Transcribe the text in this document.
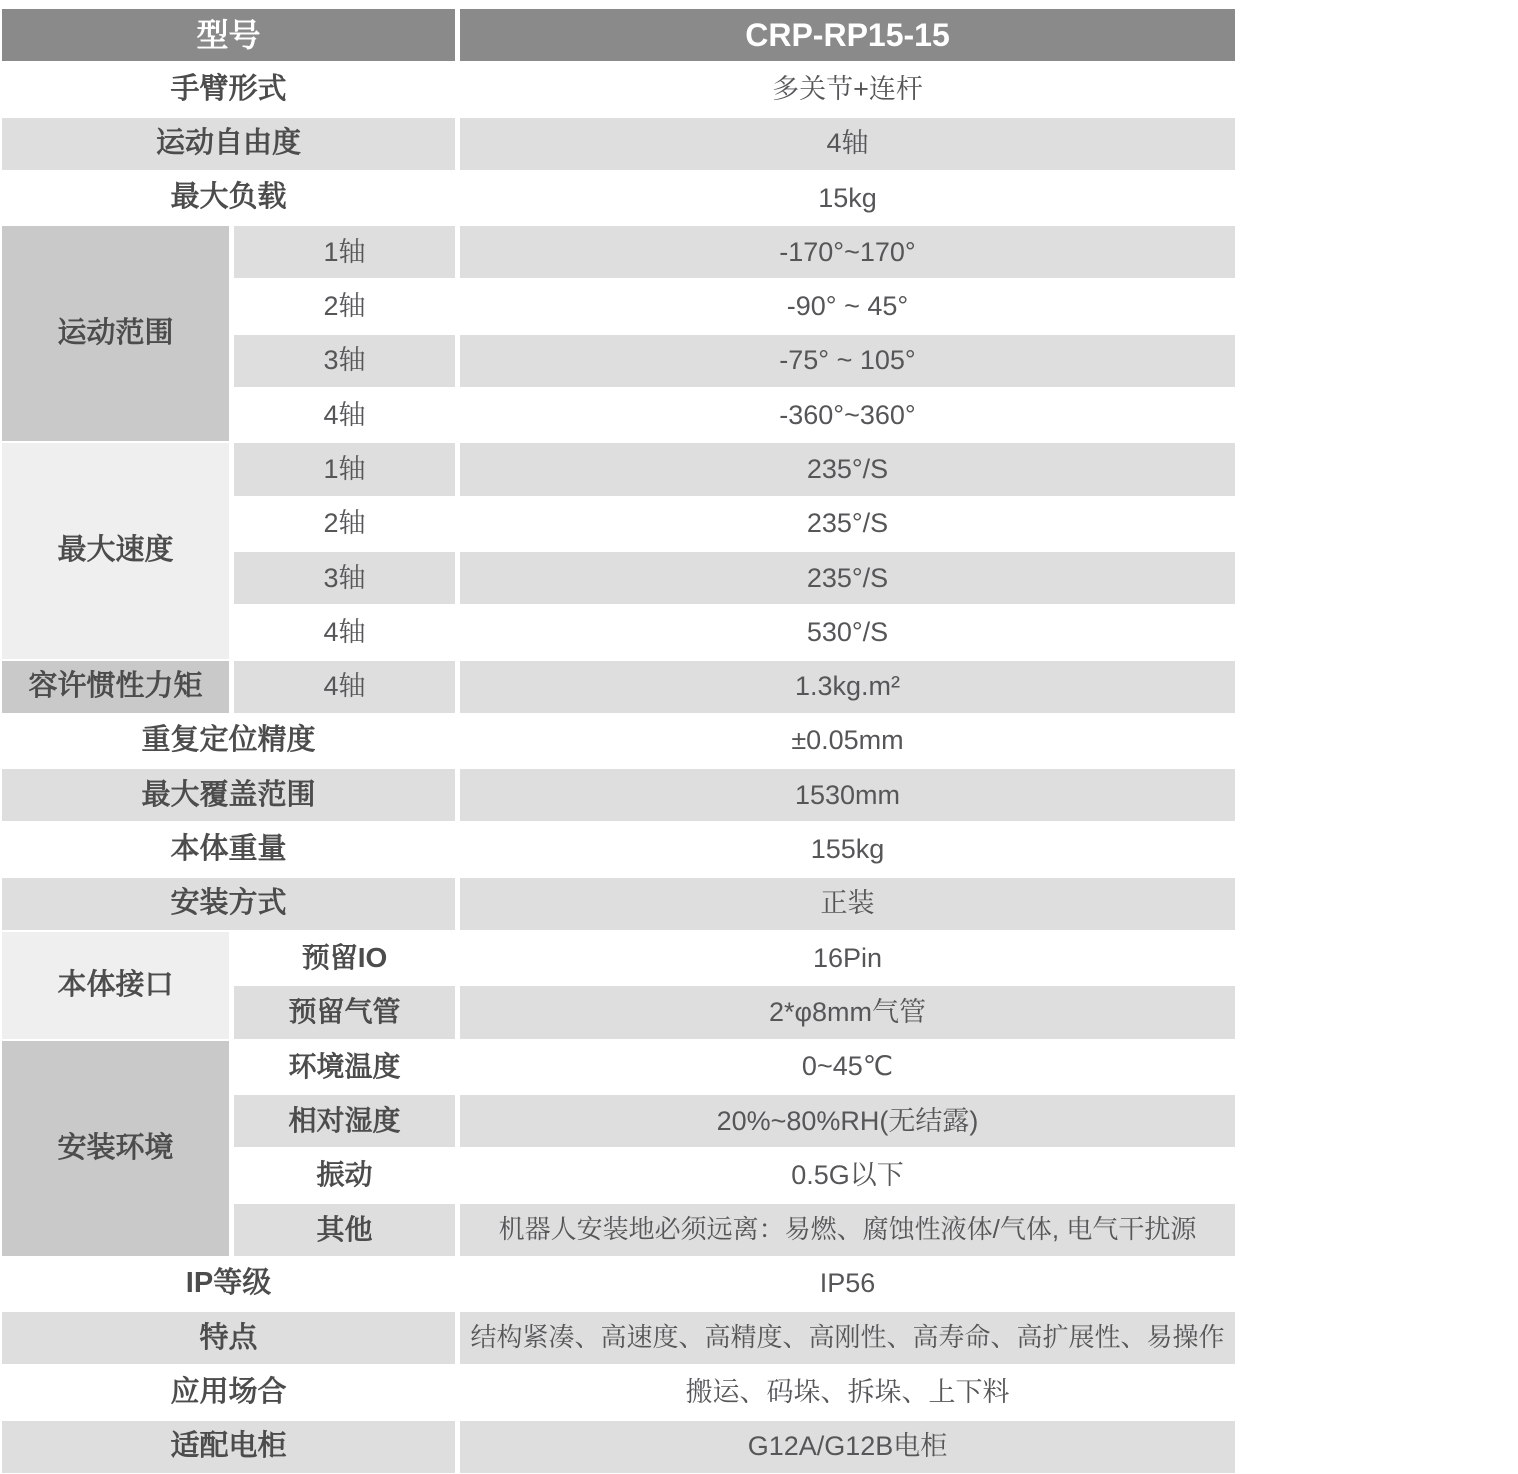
型号	CRP-RP15-15
手臂形式	多关节+连杆
运动自由度	4轴
最大负载	15kg
运动范围
1轴	-170°~170°
2轴	-90° ~ 45°
3轴	-75° ~ 105°
4轴	-360°~360°
最大速度
1轴	235°/S
2轴	235°/S
3轴	235°/S
4轴	530°/S
容许惯性力矩	4轴	1.3kg.m²
重复定位精度	±0.05mm
最大覆盖范围	1530mm
本体重量	155kg
安装方式	正装
本体接口
预留IO	16Pin
预留气管	2*φ8mm气管
安装环境
环境温度	0~45℃
相对湿度	20%~80%RH(无结露)
振动	0.5G以下
其他	机器人安装地必须远离：易燃、腐蚀性液体/气体, 电气干扰源
IP等级	IP56
特点	结构紧凑、高速度、高精度、高刚性、高寿命、高扩展性、易操作
应用场合	搬运、码垛、拆垛、上下料
适配电柜	G12A/G12B电柜
